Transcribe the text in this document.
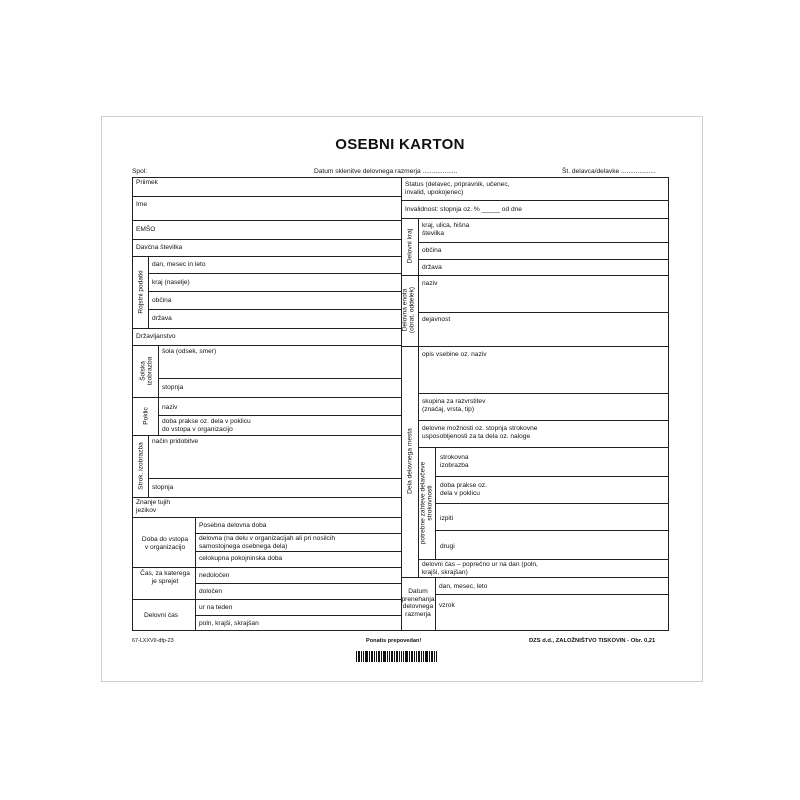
OSEBNI KARTON
Spol:	Datum sklenitve delovnega razmerja ...................	Št. delavca/delavke ...................
Priimek
Ime
EMŠO
Davčna številka
Rojstni podatki
dan, mesec in leto
kraj (naselje)
občina
država
Državljanstvo
Šolska izobrazba
šola (odsek, smer)
stopnja
Poklic naziv
doba prakse oz. dela v poklicu do vstopa v organizacijo
Strok. izobrazba
način pridobitve
stopnja
Znanje tujih jezikov
Doba do vstopa v organizacijo
Posebna delovna doba
delovna (na delu v organizacijah ali pri nosilcih samostojnega osebnega dela)
celokupna pokojninska doba
Čas, za katerega je sprejet
nedoločen
določen
Delovni čas
ur na teden
poln, krajši, skrajšan
Status (delavec, pripravnik, učenec, invalid, upokojenec)
Invalidnost: stopnja oz. % _____ od dne
Delovni kraj
kraj, ulica, hišna številka
občina
država
Delovna enota (obrat, oddelek)
naziv
dejavnost
Dela delovnega mesta
opis vsebine oz. naziv
skupina za razvrstitev (značaj, vrsta, tip)
delovne možnosti oz. stopnja strokovne usposobljenosti za ta dela oz. naloge
potrebne zahteve delavčeve strokovnosti
strokovna izobrazba
doba prakse oz. dela v poklicu
izpiti
drugi
delovni čas – poprečno ur na dan (poln, krajši, skrajšan)
Datum prenehanja delovnega razmerja
dan, mesec, leto
vzrok
67-LXXVII-dfp-23	Ponatis prepovedan!	DZS d.d., ZALOŽNIŠTVO TISKOVIN - Obr. 0,21
